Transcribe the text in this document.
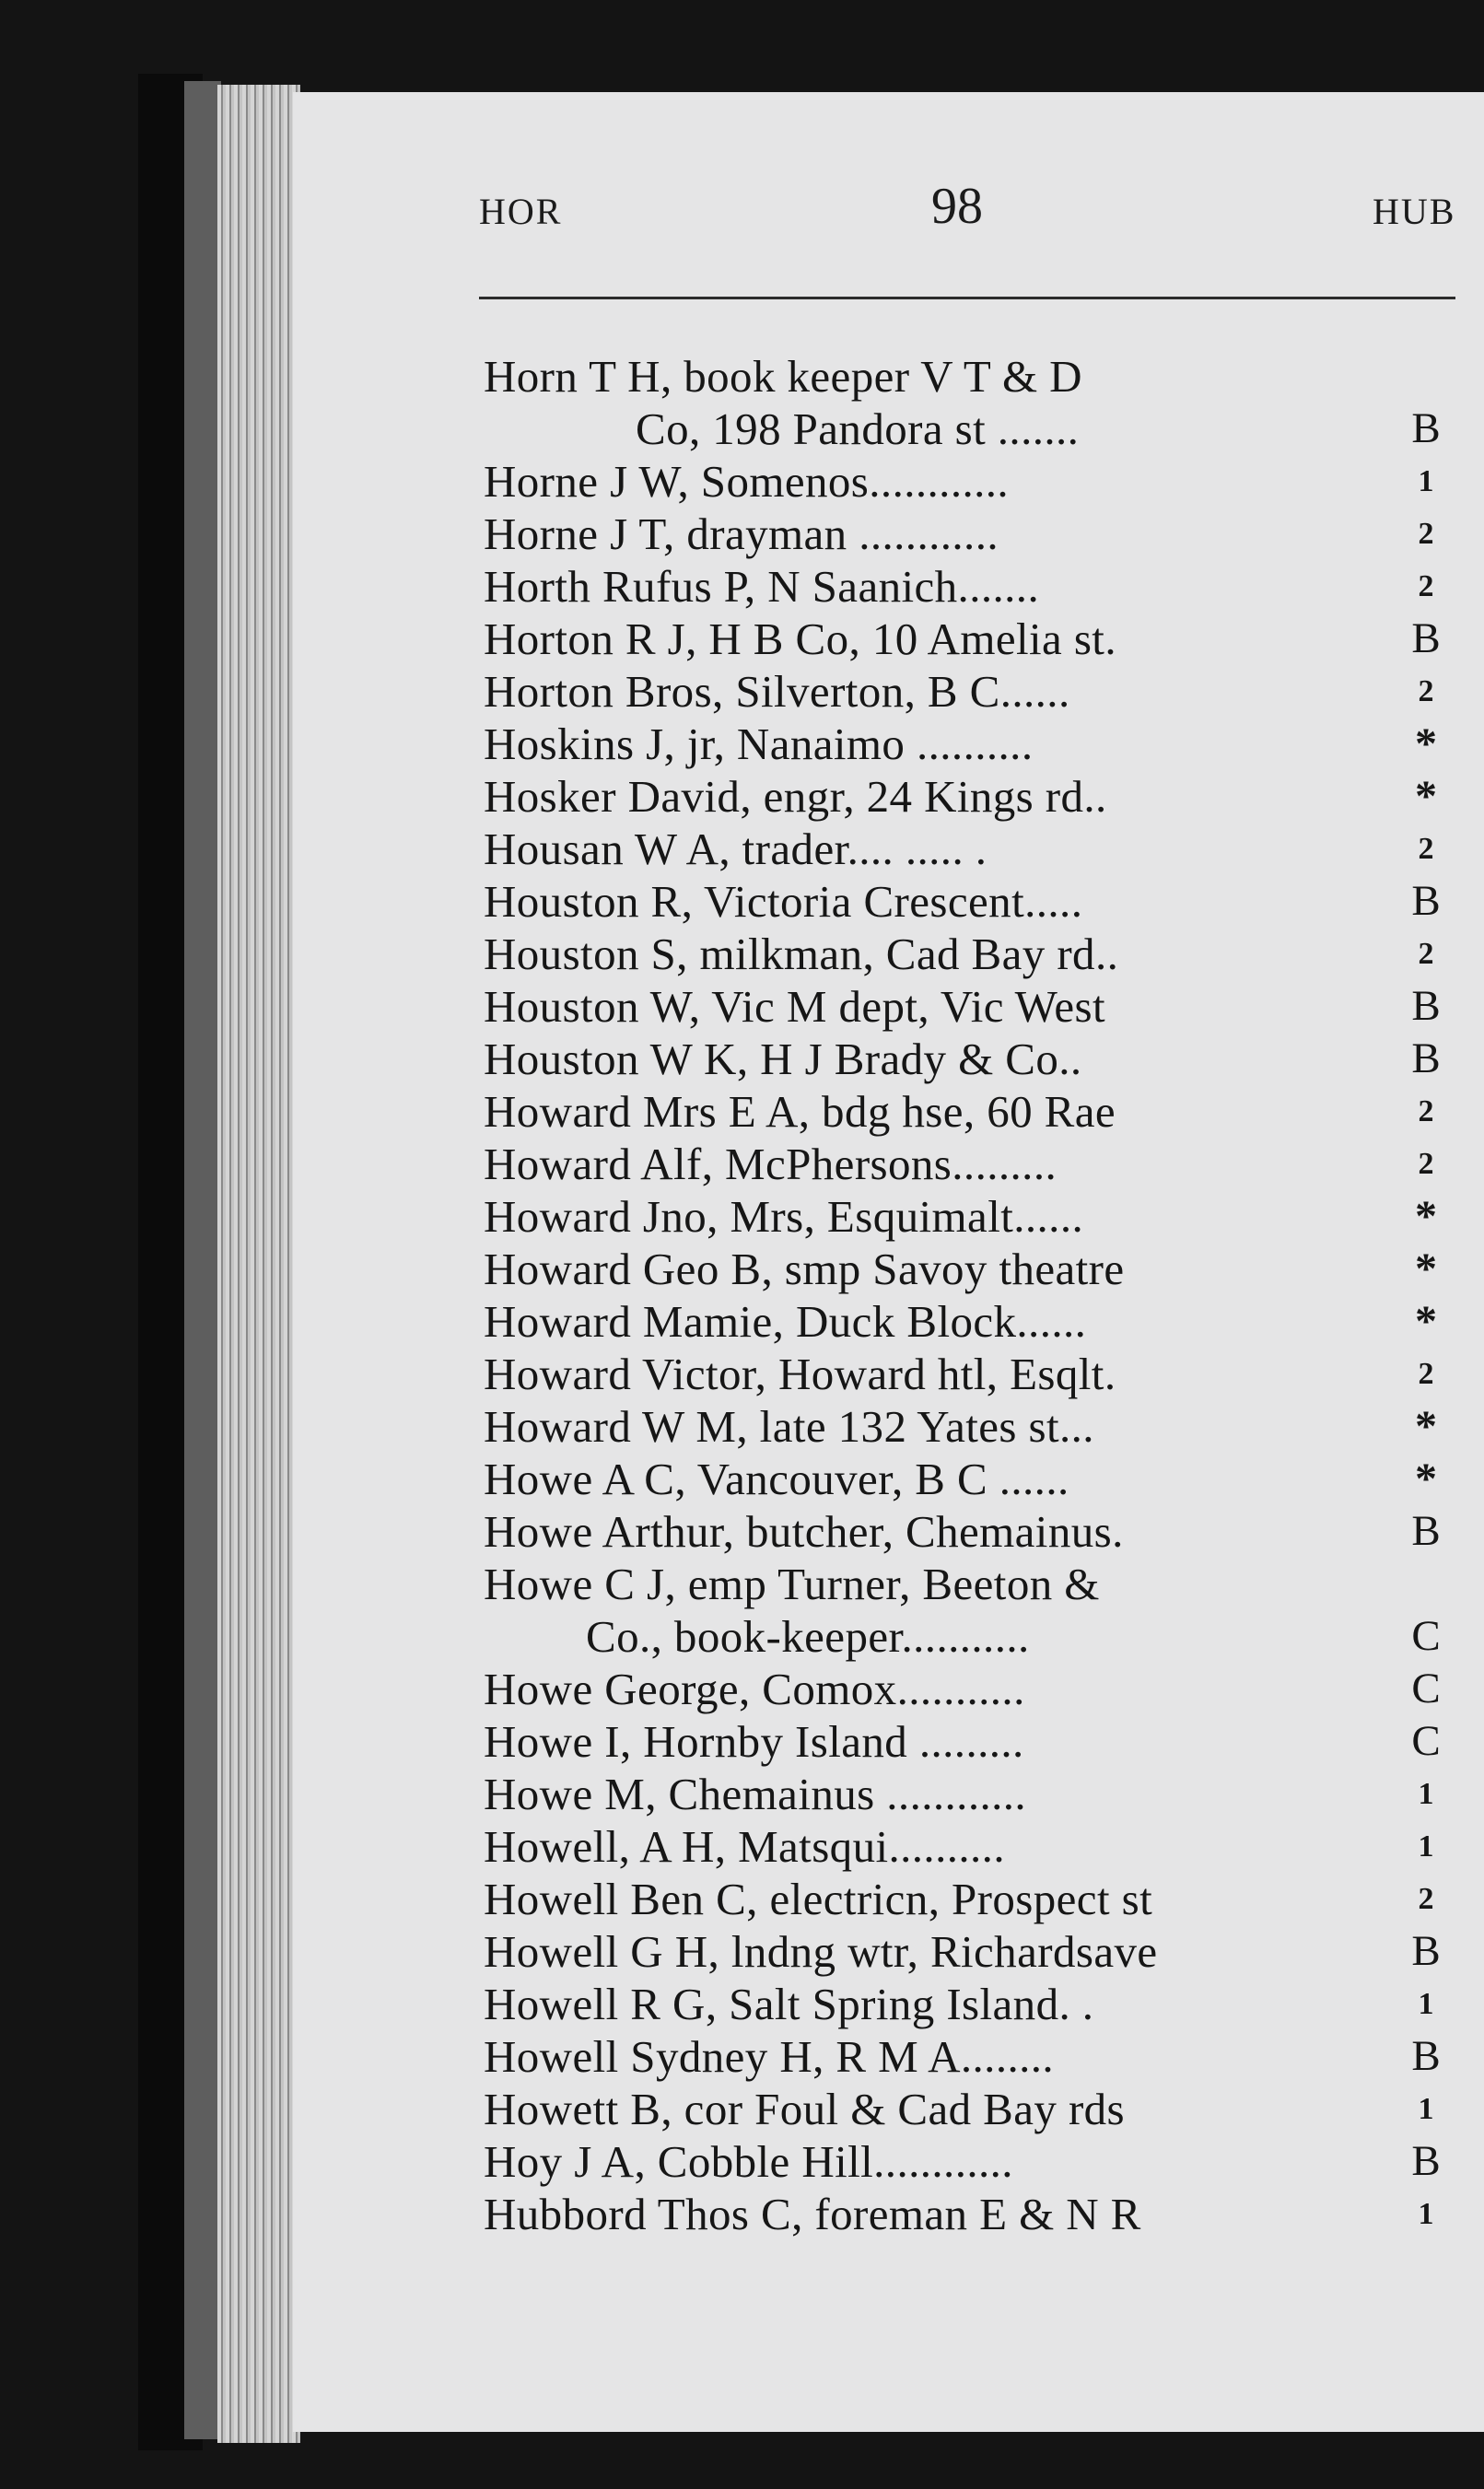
HOR	98	HUB
Horn T H, book keeper V T & D
Co, 198 Pandora st .......	B
Horne J W, Somenos............	1
Horne J T, drayman ............	2
Horth Rufus P, N Saanich.......	2
Horton R J, H B Co, 10 Amelia st.	B
Horton Bros, Silverton, B C......	2
Hoskins J, jr, Nanaimo ..........	*
Hosker David, engr, 24 Kings rd..	*
Housan W A, trader.... ..... .	2
Houston R, Victoria Crescent.....	B
Houston S, milkman, Cad Bay rd..	2
Houston W, Vic M dept, Vic West	B
Houston W K, H J Brady & Co..	B
Howard Mrs E A, bdg hse, 60 Rae	2
Howard Alf, McPhersons.........	2
Howard Jno, Mrs, Esquimalt......	*
Howard Geo B, smp Savoy theatre	*
Howard Mamie, Duck Block......	*
Howard Victor, Howard htl, Esqlt.	2
Howard W M, late 132 Yates st...	*
Howe A C, Vancouver, B C ......	*
Howe Arthur, butcher, Chemainus.	B
Howe C J, emp Turner, Beeton &
Co., book-keeper...........	C
Howe George, Comox...........	C
Howe I, Hornby Island .........	C
Howe M, Chemainus ............	1
Howell, A H, Matsqui..........	1
Howell Ben C, electricn, Prospect st	2
Howell G H, lndng wtr, Richardsave	B
Howell R G, Salt Spring Island. .	1
Howell Sydney H, R M A........	B
Howett B, cor Foul & Cad Bay rds	1
Hoy J A, Cobble Hill............	B
Hubbord Thos C, foreman E & N R	1
